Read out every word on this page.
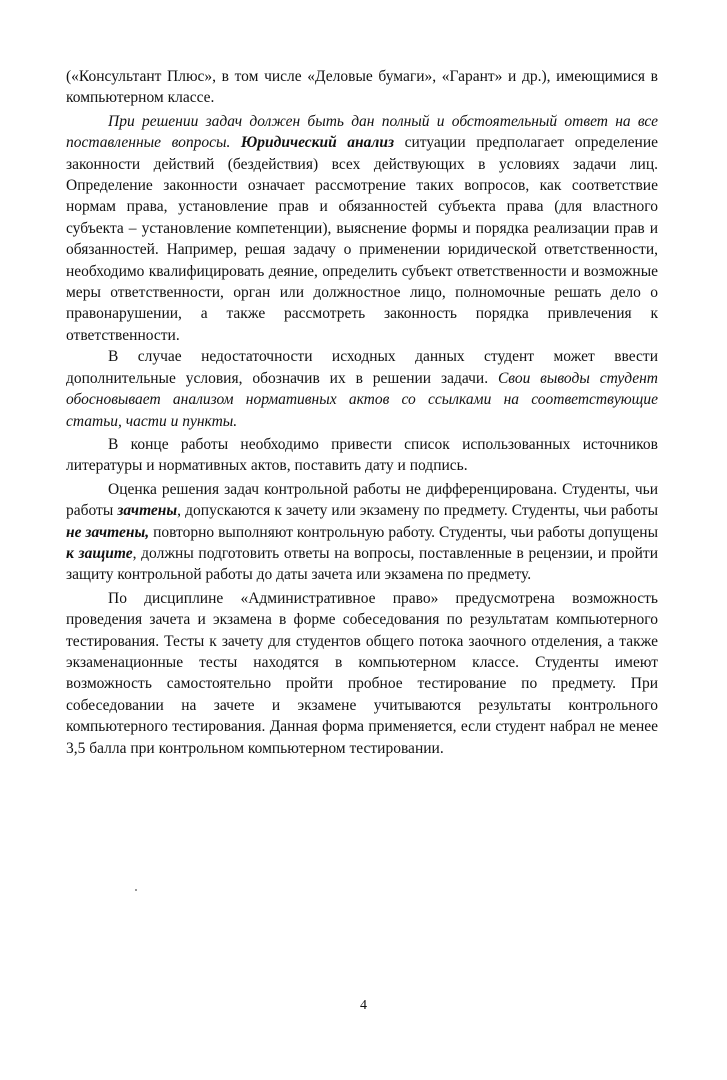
(«Консультант Плюс», в том числе «Деловые бумаги», «Гарант» и др.), имеющимися в компьютерном классе.

При решении задач должен быть дан полный и обстоятельный ответ на все поставленные вопросы. Юридический анализ ситуации предполагает определение законности действий (бездействия) всех действующих в условиях задачи лиц. Определение законности означает рассмотрение таких вопросов, как соответствие нормам права, установление прав и обязанностей субъекта права (для властного субъекта – установление компетенции), выяснение формы и порядка реализации прав и обязанностей. Например, решая задачу о применении юридической ответственности, необходимо квалифицировать деяние, определить субъект ответственности и возможные меры ответственности, орган или должностное лицо, полномочные решать дело о правонарушении, а также рассмотреть законность порядка привлечения к ответственности.

В случае недостаточности исходных данных студент может ввести дополнительные условия, обозначив их в решении задачи. Свои выводы студент обосновывает анализом нормативных актов со ссылками на соответствующие статьи, части и пункты.

В конце работы необходимо привести список использованных источников литературы и нормативных актов, поставить дату и подпись.

Оценка решения задач контрольной работы не дифференцирована. Студенты, чьи работы зачтены, допускаются к зачету или экзамену по предмету. Студенты, чьи работы не зачтены, повторно выполняют контрольную работу. Студенты, чьи работы допущены к защите, должны подготовить ответы на вопросы, поставленные в рецензии, и пройти защиту контрольной работы до даты зачета или экзамена по предмету.

По дисциплине «Административное право» предусмотрена возможность проведения зачета и экзамена в форме собеседования по результатам компьютерного тестирования. Тесты к зачету для студентов общего потока заочного отделения, а также экзаменационные тесты находятся в компьютерном классе. Студенты имеют возможность самостоятельно пройти пробное тестирование по предмету. При собеседовании на зачете и экзамене учитываются результаты контрольного компьютерного тестирования. Данная форма применяется, если студент набрал не менее 3,5 балла при контрольном компьютерном тестировании.

4
